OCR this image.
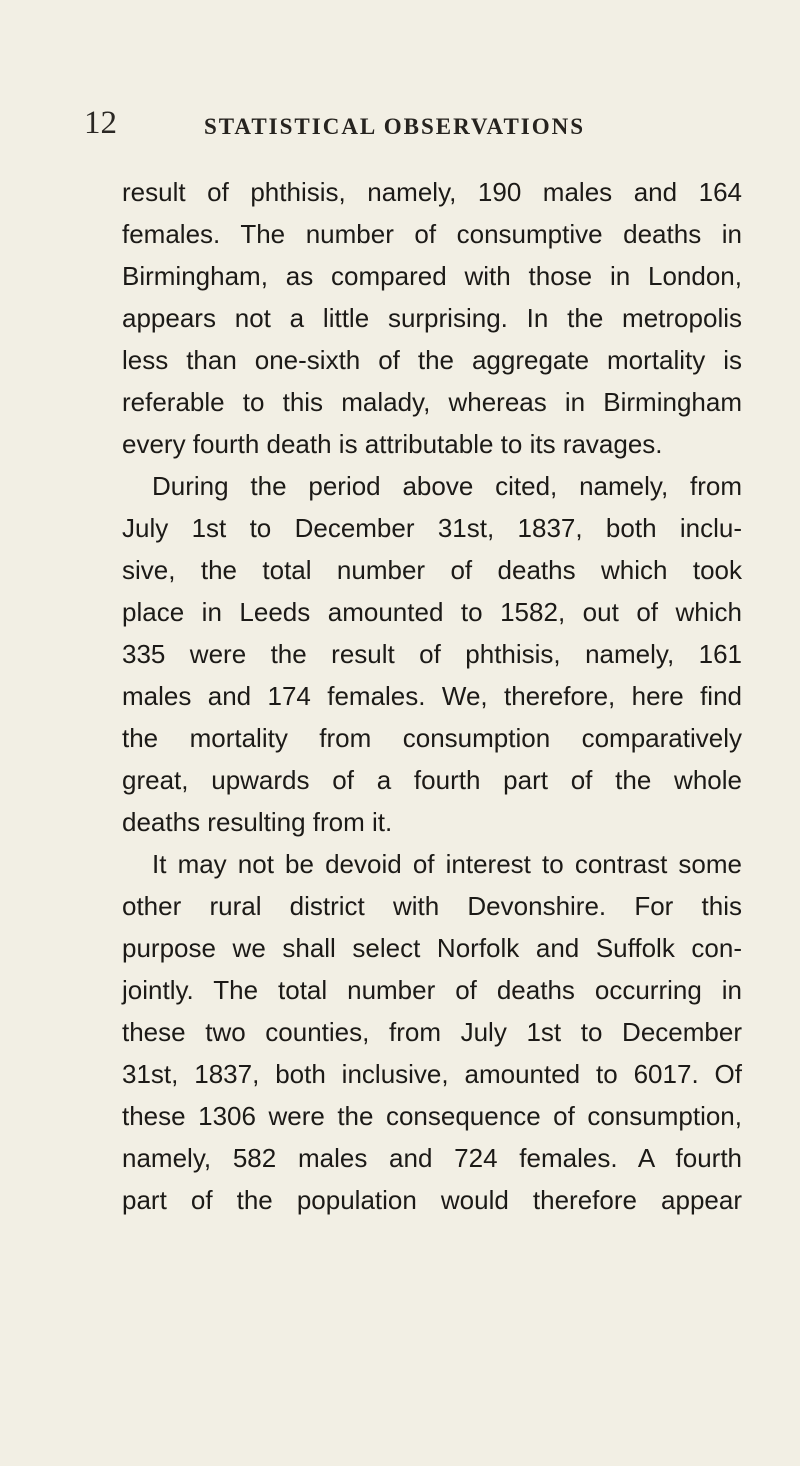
12	STATISTICAL OBSERVATIONS
result of phthisis, namely, 190 males and 164
females. The number of consumptive deaths in
Birmingham, as compared with those in London,
appears not a little surprising. In the metropolis
less than one-sixth of the aggregate mortality is
referable to this malady, whereas in Birmingham
every fourth death is attributable to its ravages.
During the period above cited, namely, from
July 1st to December 31st, 1837, both inclu-
sive, the total number of deaths which took
place in Leeds amounted to 1582, out of which
335 were the result of phthisis, namely, 161
males and 174 females. We, therefore, here find
the mortality from consumption comparatively
great, upwards of a fourth part of the whole
deaths resulting from it.
It may not be devoid of interest to contrast some
other rural district with Devonshire. For this
purpose we shall select Norfolk and Suffolk con-
jointly. The total number of deaths occurring in
these two counties, from July 1st to December
31st, 1837, both inclusive, amounted to 6017. Of
these 1306 were the consequence of consumption,
namely, 582 males and 724 females. A fourth
part of the population would therefore appear
